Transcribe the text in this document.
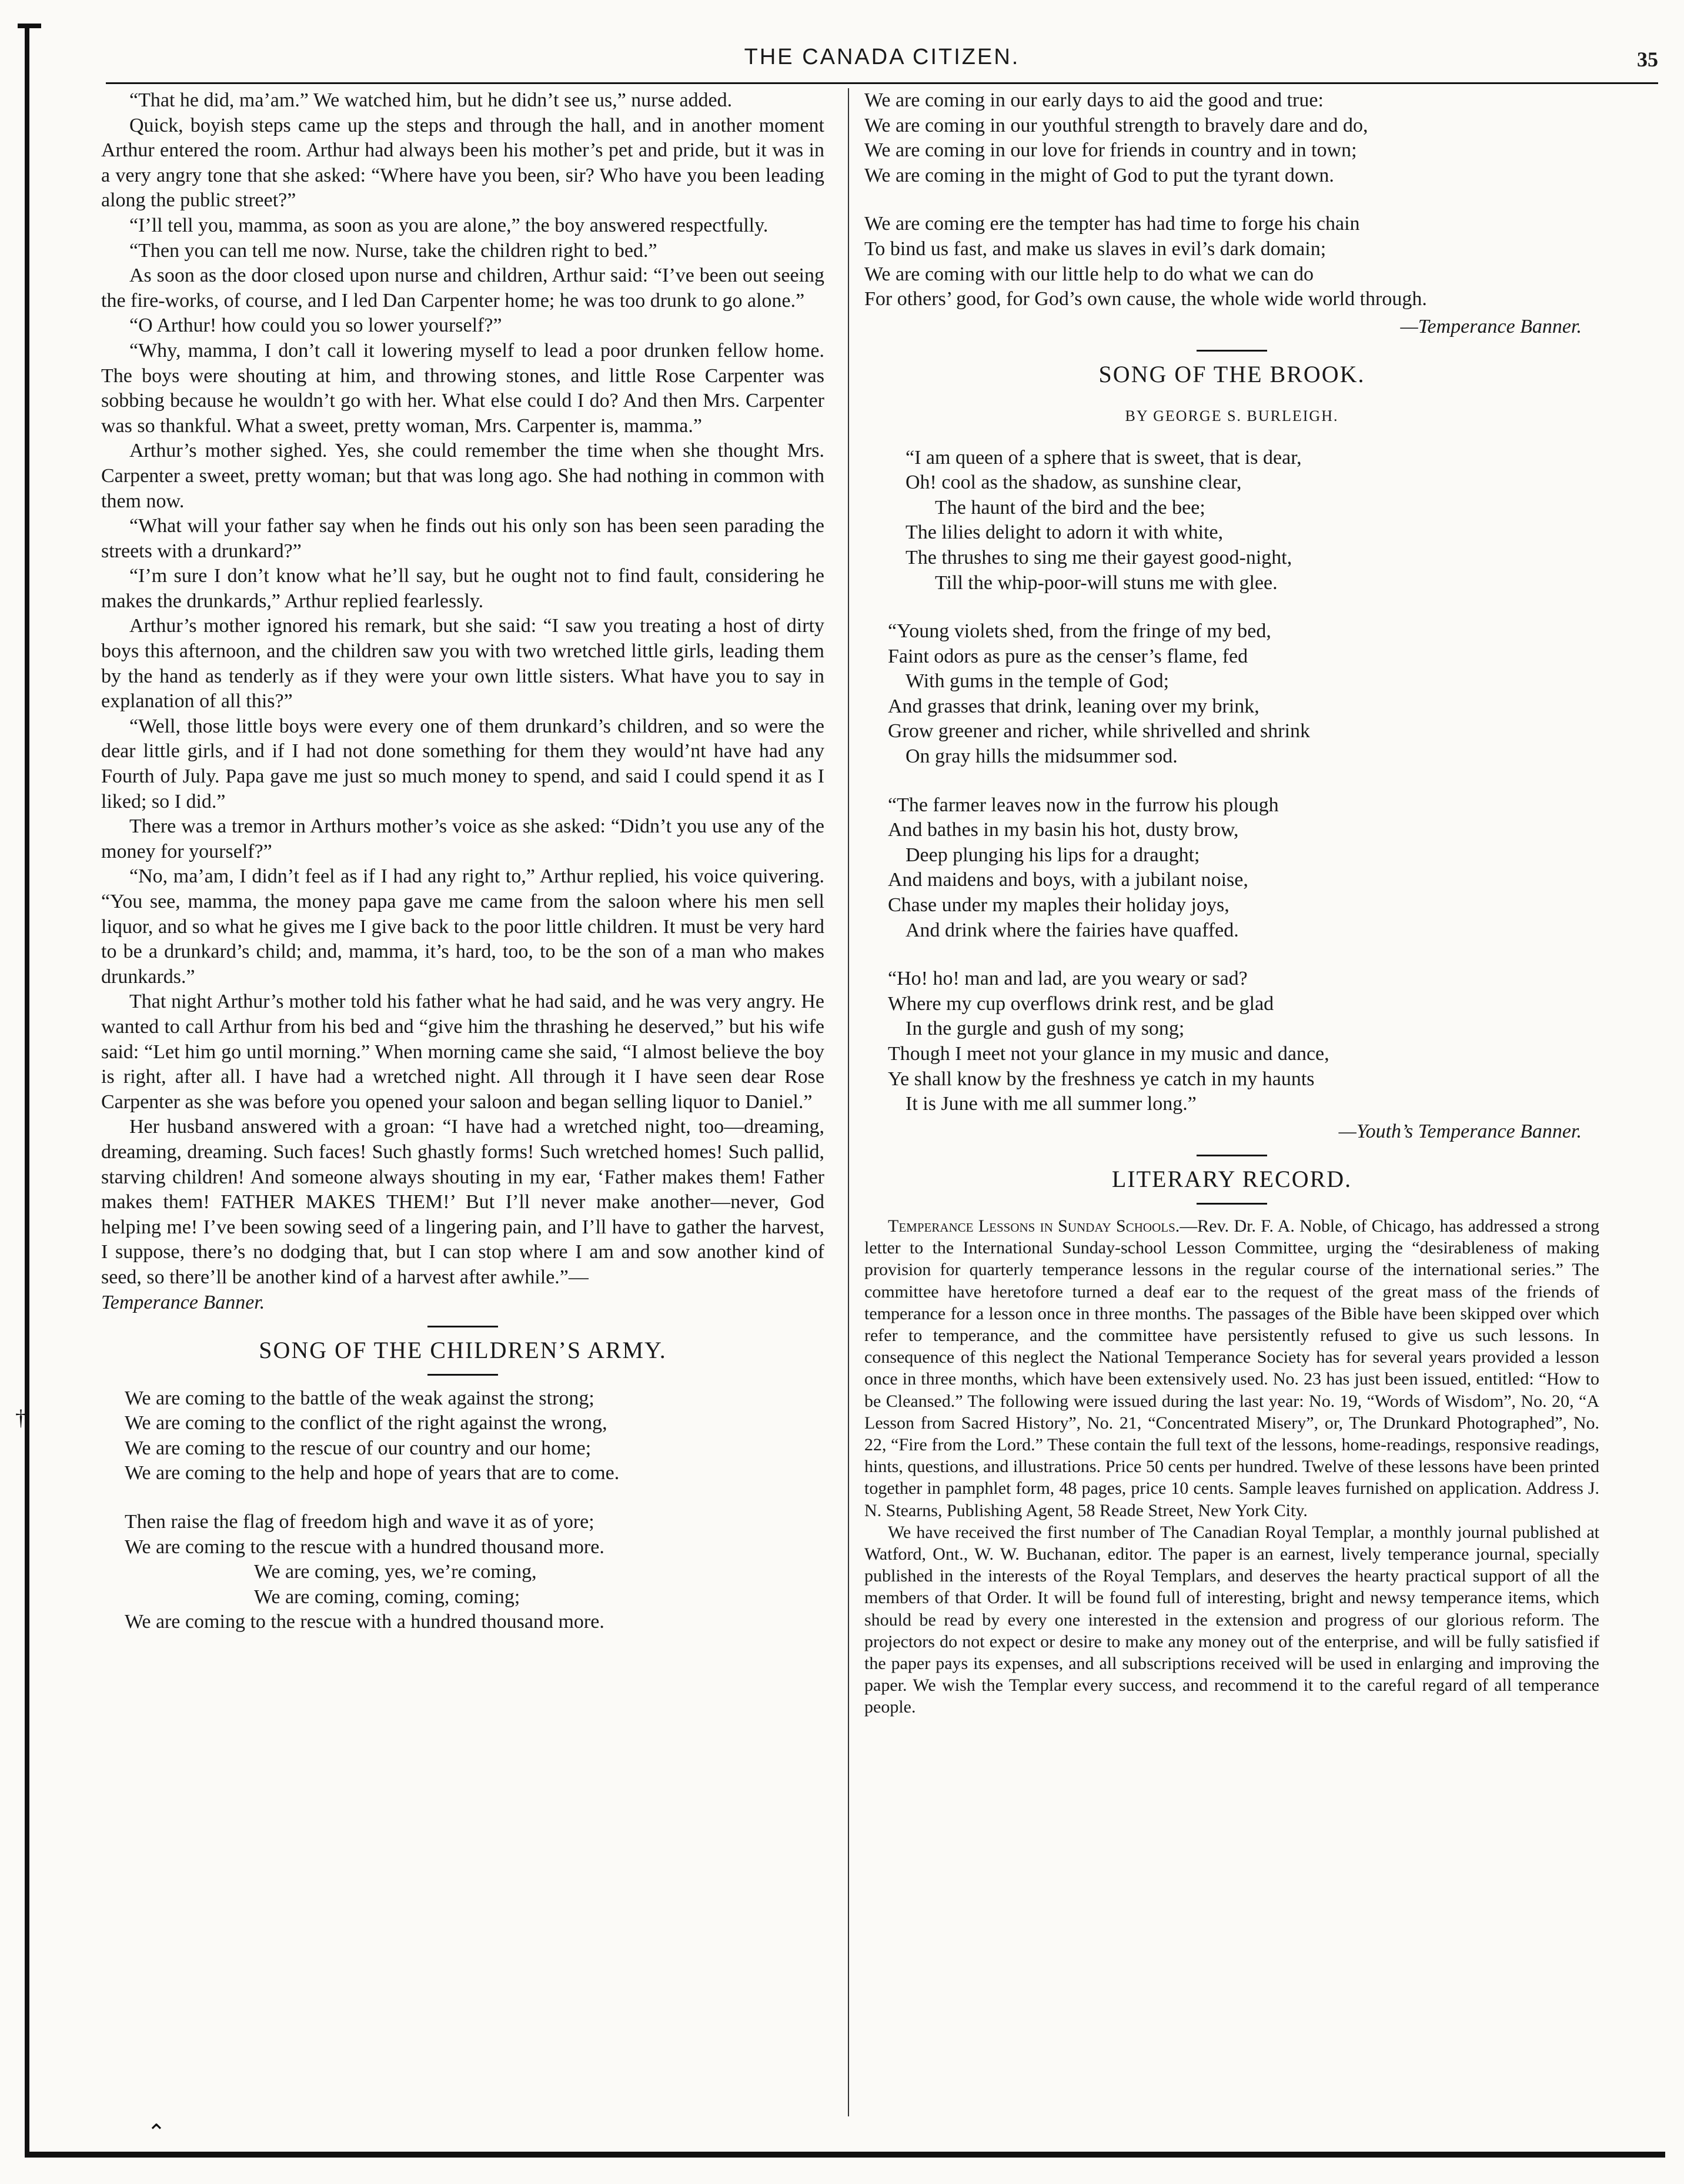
†
⌃
THE CANADA CITIZEN.	35

“That he did, ma’am.” We watched him, but he didn’t see us,” nurse added.

Quick, boyish steps came up the steps and through the hall, and in another moment Arthur entered the room. Arthur had always been his mother’s pet and pride, but it was in a very angry tone that she asked: “Where have you been, sir? Who have you been leading along the public street?”

“I’ll tell you, mamma, as soon as you are alone,” the boy answered respectfully.

“Then you can tell me now. Nurse, take the children right to bed.”

As soon as the door closed upon nurse and children, Arthur said: “I’ve been out seeing the fire-works, of course, and I led Dan Carpenter home; he was too drunk to go alone.”

“O Arthur! how could you so lower yourself?”

“Why, mamma, I don’t call it lowering myself to lead a poor drunken fellow home. The boys were shouting at him, and throwing stones, and little Rose Carpenter was sobbing because he wouldn’t go with her. What else could I do? And then Mrs. Carpenter was so thankful. What a sweet, pretty woman, Mrs. Carpenter is, mamma.”

Arthur’s mother sighed. Yes, she could remember the time when she thought Mrs. Carpenter a sweet, pretty woman; but that was long ago. She had nothing in common with them now.

“What will your father say when he finds out his only son has been seen parading the streets with a drunkard?”

“I’m sure I don’t know what he’ll say, but he ought not to find fault, considering he makes the drunkards,” Arthur replied fearlessly.

Arthur’s mother ignored his remark, but she said: “I saw you treating a host of dirty boys this afternoon, and the children saw you with two wretched little girls, leading them by the hand as tenderly as if they were your own little sisters. What have you to say in explanation of all this?”

“Well, those little boys were every one of them drunkard’s children, and so were the dear little girls, and if I had not done something for them they would’nt have had any Fourth of July. Papa gave me just so much money to spend, and said I could spend it as I liked; so I did.”

There was a tremor in Arthurs mother’s voice as she asked: “Didn’t you use any of the money for yourself?”

“No, ma’am, I didn’t feel as if I had any right to,” Arthur replied, his voice quivering. “You see, mamma, the money papa gave me came from the saloon where his men sell liquor, and so what he gives me I give back to the poor little children. It must be very hard to be a drunkard’s child; and, mamma, it’s hard, too, to be the son of a man who makes drunkards.”

That night Arthur’s mother told his father what he had said, and he was very angry. He wanted to call Arthur from his bed and “give him the thrashing he deserved,” but his wife said: “Let him go until morning.” When morning came she said, “I almost believe the boy is right, after all. I have had a wretched night. All through it I have seen dear Rose Carpenter as she was before you opened your saloon and began selling liquor to Daniel.”

Her husband answered with a groan: “I have had a wretched night, too—dreaming, dreaming, dreaming. Such faces! Such ghastly forms! Such wretched homes! Such pallid, starving children! And someone always shouting in my ear, ‘Father makes them! Father makes them! FATHER MAKES THEM!’ But I’ll never make another—never, God helping me! I’ve been sowing seed of a lingering pain, and I’ll have to gather the harvest, I suppose, there’s no dodging that, but I can stop where I am and sow another kind of seed, so there’ll be another kind of a harvest after awhile.”—

Temperance Banner.

SONG OF THE CHILDREN’S ARMY.
We are coming to the battle of the weak against the strong;
We are coming to the conflict of the right against the wrong,
We are coming to the rescue of our country and our home;
We are coming to the help and hope of years that are to come.
Then raise the flag of freedom high and wave it as of yore;
We are coming to the rescue with a hundred thousand more.
We are coming, yes, we’re coming,
We are coming, coming, coming;
We are coming to the rescue with a hundred thousand more.
We are coming in our early days to aid the good and true:
We are coming in our youthful strength to bravely dare and do,
We are coming in our love for friends in country and in town;
We are coming in the might of God to put the tyrant down.
We are coming ere the tempter has had time to forge his chain
To bind us fast, and make us slaves in evil’s dark domain;
We are coming with our little help to do what we can do
For others’ good, for God’s own cause, the whole wide world through.

—Temperance Banner.

SONG OF THE BROOK.
BY GEORGE S. BURLEIGH.
“I am queen of a sphere that is sweet, that is dear,
Oh! cool as the shadow, as sunshine clear,
The haunt of the bird and the bee;
The lilies delight to adorn it with white,
The thrushes to sing me their gayest good-night,
Till the whip-poor-will stuns me with glee.
“Young violets shed, from the fringe of my bed,
Faint odors as pure as the censer’s flame, fed
With gums in the temple of God;
And grasses that drink, leaning over my brink,
Grow greener and richer, while shrivelled and shrink
On gray hills the midsummer sod.
“The farmer leaves now in the furrow his plough
And bathes in my basin his hot, dusty brow,
Deep plunging his lips for a draught;
And maidens and boys, with a jubilant noise,
Chase under my maples their holiday joys,
And drink where the fairies have quaffed.
“Ho! ho! man and lad, are you weary or sad?
Where my cup overflows drink rest, and be glad
In the gurgle and gush of my song;
Though I meet not your glance in my music and dance,
Ye shall know by the freshness ye catch in my haunts
It is June with me all summer long.”

—Youth’s Temperance Banner.

LITERARY RECORD.

Temperance Lessons in Sunday Schools.—Rev. Dr. F. A. Noble, of Chicago, has addressed a strong letter to the International Sunday-school Lesson Committee, urging the “desirableness of making provision for quarterly temperance lessons in the regular course of the international series.” The committee have heretofore turned a deaf ear to the request of the great mass of the friends of temperance for a lesson once in three months. The passages of the Bible have been skipped over which refer to temperance, and the committee have persistently refused to give us such lessons. In consequence of this neglect the National Temperance Society has for several years provided a lesson once in three months, which have been extensively used. No. 23 has just been issued, entitled: “How to be Cleansed.” The following were issued during the last year: No. 19, “Words of Wisdom”, No. 20, “A Lesson from Sacred History”, No. 21, “Concentrated Misery”, or, The Drunkard Photographed”, No. 22, “Fire from the Lord.” These contain the full text of the lessons, home-readings, responsive readings, hints, questions, and illustrations. Price 50 cents per hundred. Twelve of these lessons have been printed together in pamphlet form, 48 pages, price 10 cents. Sample leaves furnished on application. Address J. N. Stearns, Publishing Agent, 58 Reade Street, New York City.

We have received the first number of The Canadian Royal Templar, a monthly journal published at Watford, Ont., W. W. Buchanan, editor. The paper is an earnest, lively temperance journal, specially published in the interests of the Royal Templars, and deserves the hearty practical support of all the members of that Order. It will be found full of interesting, bright and newsy temperance items, which should be read by every one interested in the extension and progress of our glorious reform. The projectors do not expect or desire to make any money out of the enterprise, and will be fully satisfied if the paper pays its expenses, and all subscriptions received will be used in enlarging and improving the paper. We wish the Templar every success, and recommend it to the careful regard of all temperance people.
